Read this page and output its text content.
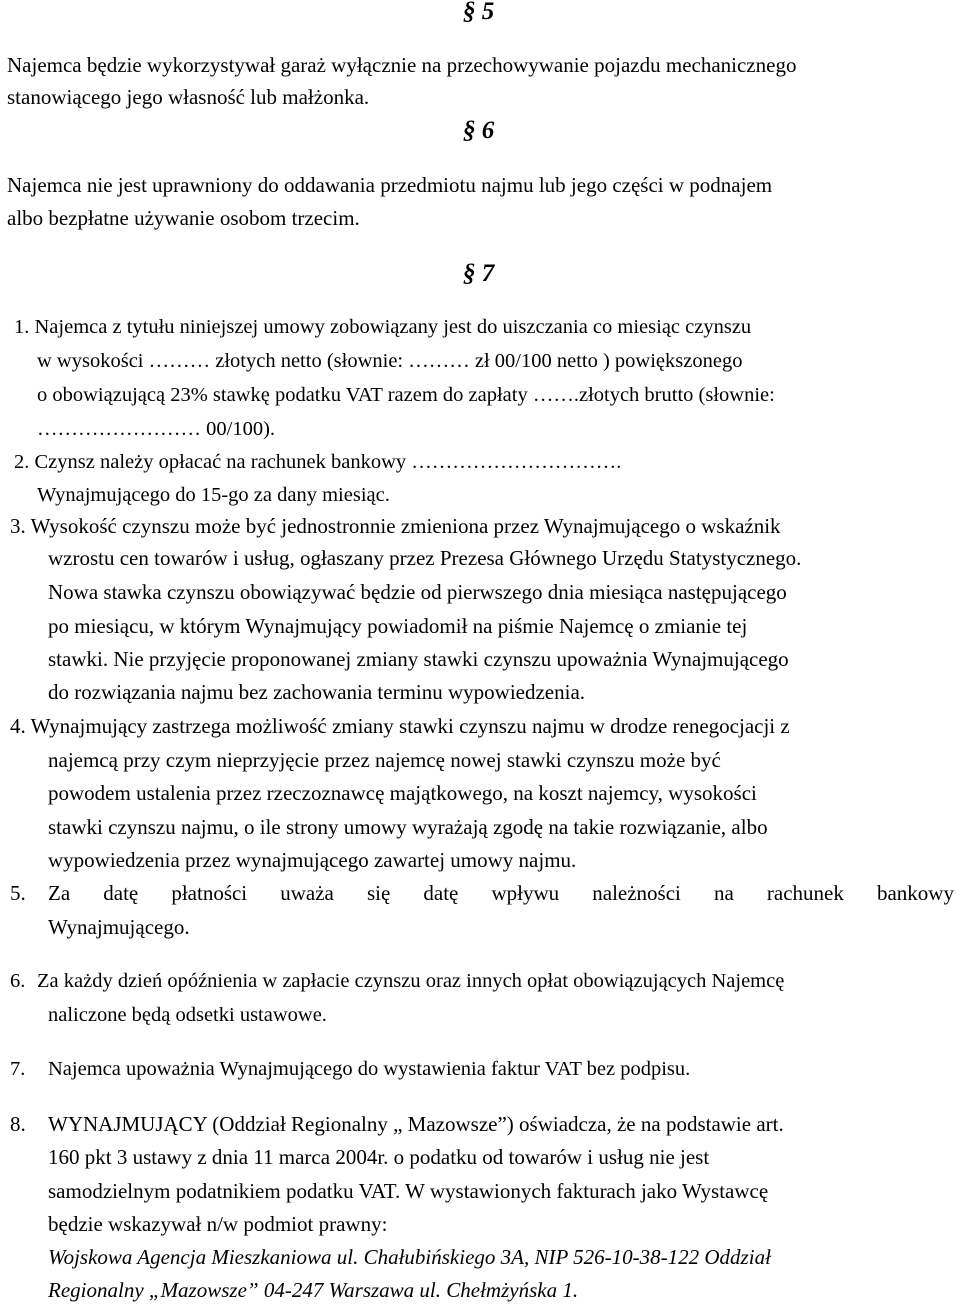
§ 5
§ 6
§ 7
Najemca będzie wykorzystywał garaż wyłącznie na przechowywanie pojazdu mechanicznego
stanowiącego jego własność lub małżonka.
Najemca nie jest uprawniony do oddawania przedmiotu najmu lub jego części w podnajem
albo bezpłatne używanie osobom trzecim.
1. Najemca z tytułu niniejszej umowy zobowiązany jest do uiszczania co miesiąc czynszu
w wysokości ……… złotych netto (słownie: ……… zł 00/100 netto ) powiększonego
o obowiązującą 23% stawkę podatku VAT razem do zapłaty …….złotych brutto (słownie:
…………………… 00/100).
2. Czynsz należy opłacać na rachunek bankowy ………………………….
Wynajmującego do 15-go za dany miesiąc.
3. Wysokość czynszu może być jednostronnie zmieniona przez Wynajmującego o wskaźnik
wzrostu cen towarów i usług, ogłaszany przez Prezesa Głównego Urzędu Statystycznego.
Nowa stawka czynszu obowiązywać będzie od pierwszego dnia miesiąca następującego
po miesiącu, w którym Wynajmujący powiadomił na piśmie Najemcę o zmianie tej
stawki. Nie przyjęcie proponowanej zmiany stawki czynszu upoważnia Wynajmującego
do rozwiązania najmu bez zachowania terminu wypowiedzenia.
4. Wynajmujący zastrzega możliwość zmiany stawki czynszu najmu w drodze renegocjacji z
najemcą przy czym nieprzyjęcie przez najemcę nowej stawki czynszu może być
powodem ustalenia przez rzeczoznawcę majątkowego, na koszt najemcy, wysokości
stawki czynszu najmu, o ile strony umowy wyrażają zgodę na takie rozwiązanie, albo
wypowiedzenia przez wynajmującego zawartej umowy najmu.
5. Za datę płatności uważa się datę wpływu należności na rachunek bankowy
Wynajmującego.
6. Za każdy dzień opóźnienia w zapłacie czynszu oraz innych opłat obowiązujących Najemcę
naliczone będą odsetki ustawowe.
7. Najemca upoważnia Wynajmującego do wystawienia faktur VAT bez podpisu.
8. WYNAJMUJĄCY (Oddział Regionalny „ Mazowsze”) oświadcza, że na podstawie art.
160 pkt 3 ustawy z dnia 11 marca 2004r. o podatku od towarów i usług nie jest
samodzielnym podatnikiem podatku VAT. W wystawionych fakturach jako Wystawcę
będzie wskazywał n/w podmiot prawny:
Wojskowa Agencja Mieszkaniowa ul. Chałubińskiego 3A, NIP 526-10-38-122 Oddział
Regionalny „Mazowsze” 04-247 Warszawa ul. Chełmżyńska 1.
